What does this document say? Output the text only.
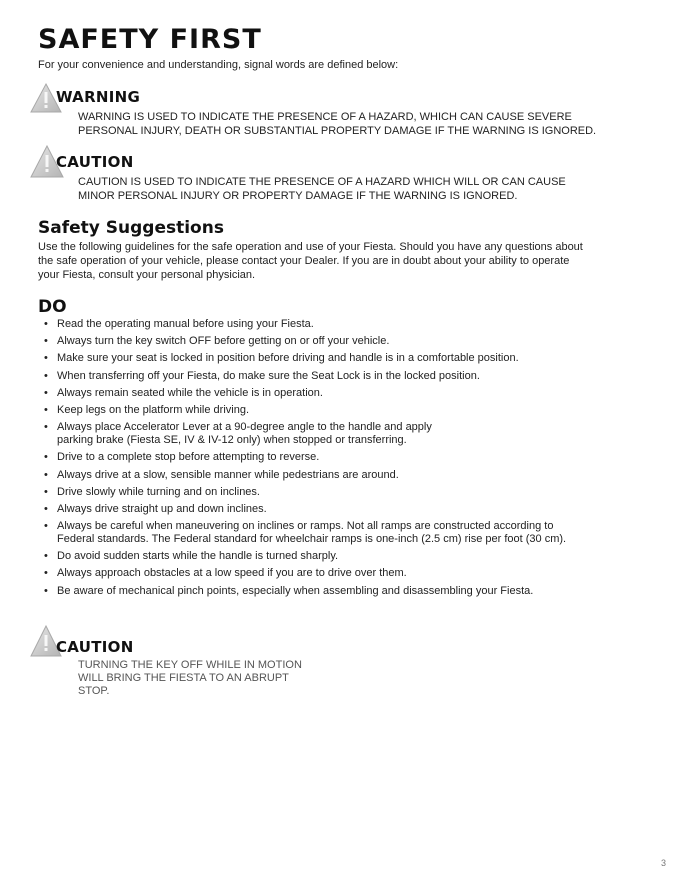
SAFETY FIRST
For your convenience and understanding, signal words are defined below:
WARNING
WARNING IS USED TO INDICATE THE PRESENCE OF A HAZARD, WHICH CAN CAUSE SEVERE
PERSONAL INJURY, DEATH OR SUBSTANTIAL PROPERTY DAMAGE IF THE WARNING IS IGNORED.
CAUTION
CAUTION IS USED TO INDICATE THE PRESENCE OF A HAZARD WHICH WILL OR CAN CAUSE
MINOR PERSONAL INJURY OR PROPERTY DAMAGE IF THE WARNING IS IGNORED.
Safety Suggestions

Use the following guidelines for the safe operation and use of your Fiesta. Should you have any questions about
the safe operation of your vehicle, please contact your Dealer. If you are in doubt about your ability to operate
your Fiesta, consult your personal physician.

DO
• Read the operating manual before using your Fiesta.
• Always turn the key switch OFF before getting on or off your vehicle.
• Make sure your seat is locked in position before driving and handle is in a comfortable position.
• When transferring off your Fiesta, do make sure the Seat Lock is in the locked position.
• Always remain seated while the vehicle is in operation.
• Keep legs on the platform while driving.
• Always place Accelerator Lever at a 90-degree angle to the handle and apply
parking brake (Fiesta SE, IV & IV-12 only) when stopped or transferring.
• Drive to a complete stop before attempting to reverse.
• Always drive at a slow, sensible manner while pedestrians are around.
• Drive slowly while turning and on inclines.
• Always drive straight up and down inclines.
• Always be careful when maneuvering on inclines or ramps. Not all ramps are constructed according to
Federal standards. The Federal standard for wheelchair ramps is one-inch (2.5 cm) rise per foot (30 cm).
• Do avoid sudden starts while the handle is turned sharply.
• Always approach obstacles at a low speed if you are to drive over them.
• Be aware of mechanical pinch points, especially when assembling and disassembling your Fiesta.
CAUTION
TURNING THE KEY OFF WHILE IN MOTION
WILL BRING THE FIESTA TO AN ABRUPT STOP.
3
